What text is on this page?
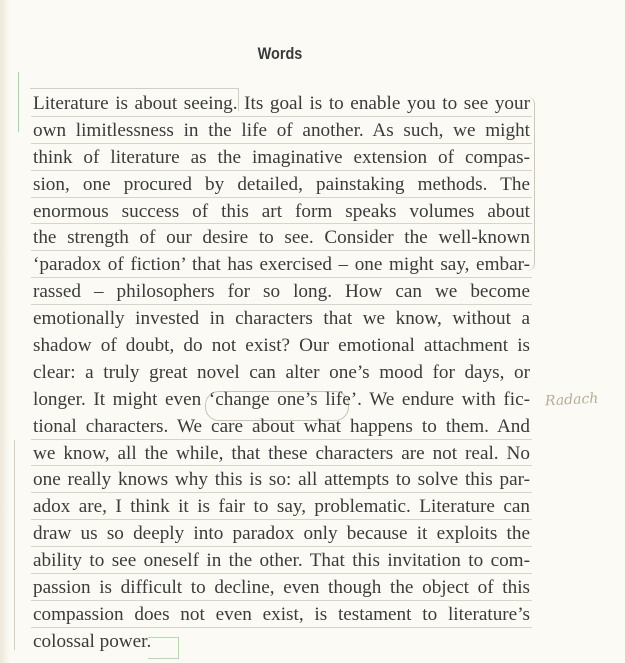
Words
Literature is about seeing. Its goal is to enable you to see your
own limitlessness in the life of another. As such, we might
think of literature as the imaginative extension of compas-
sion, one procured by detailed, painstaking methods. The
enormous success of this art form speaks volumes about
the strength of our desire to see. Consider the well-known
‘paradox of fiction’ that has exercised – one might say, embar-
rassed – philosophers for so long. How can we become
emotionally invested in characters that we know, without a
shadow of doubt, do not exist? Our emotional attachment is
clear: a truly great novel can alter one’s mood for days, or
longer. It might even ‘change one’s life’. We endure with fic-
tional characters. We care about what happens to them. And
we know, all the while, that these characters are not real. No
one really knows why this is so: all attempts to solve this par-
adox are, I think it is fair to say, problematic. Literature can
draw us so deeply into paradox only because it exploits the
ability to see oneself in the other. That this invitation to com-
passion is difficult to decline, even though the object of this
compassion does not even exist, is testament to literature’s
colossal power.
Radach
